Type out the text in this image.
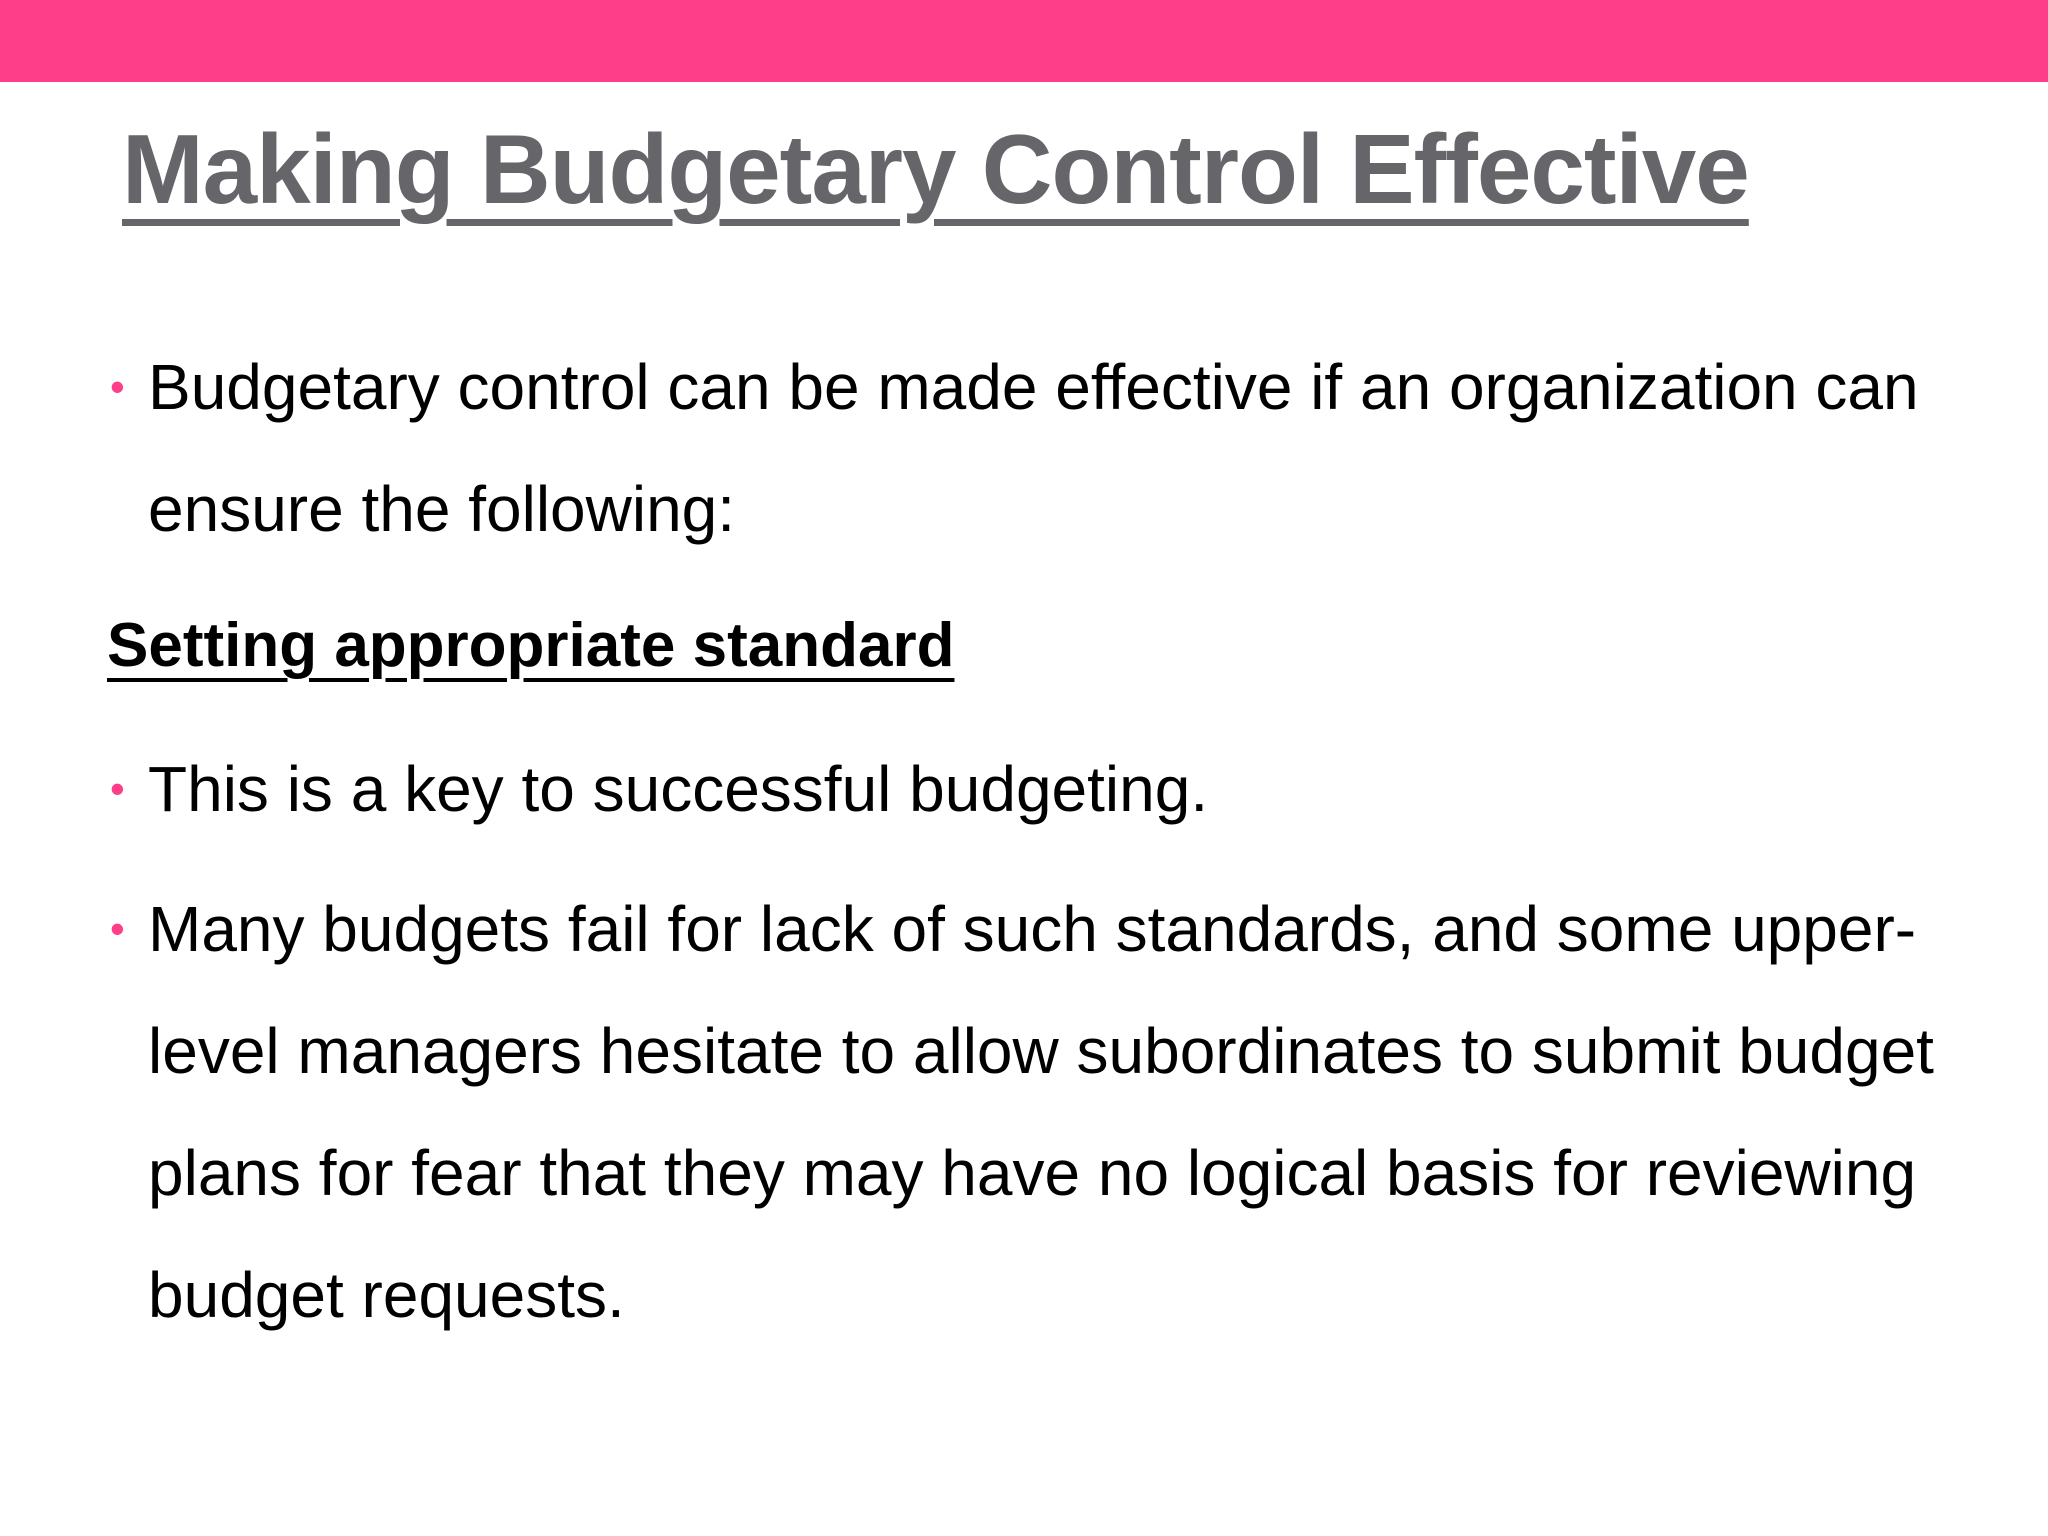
Making Budgetary Control Effective
• Budgetary control can be made effective if an organization can ensure the following:
Setting appropriate standard
• This is a key to successful budgeting.
• Many budgets fail for lack of such standards, and some upper-level managers hesitate to allow subordinates to submit budget plans for fear that they may have no logical basis for reviewing budget requests.
